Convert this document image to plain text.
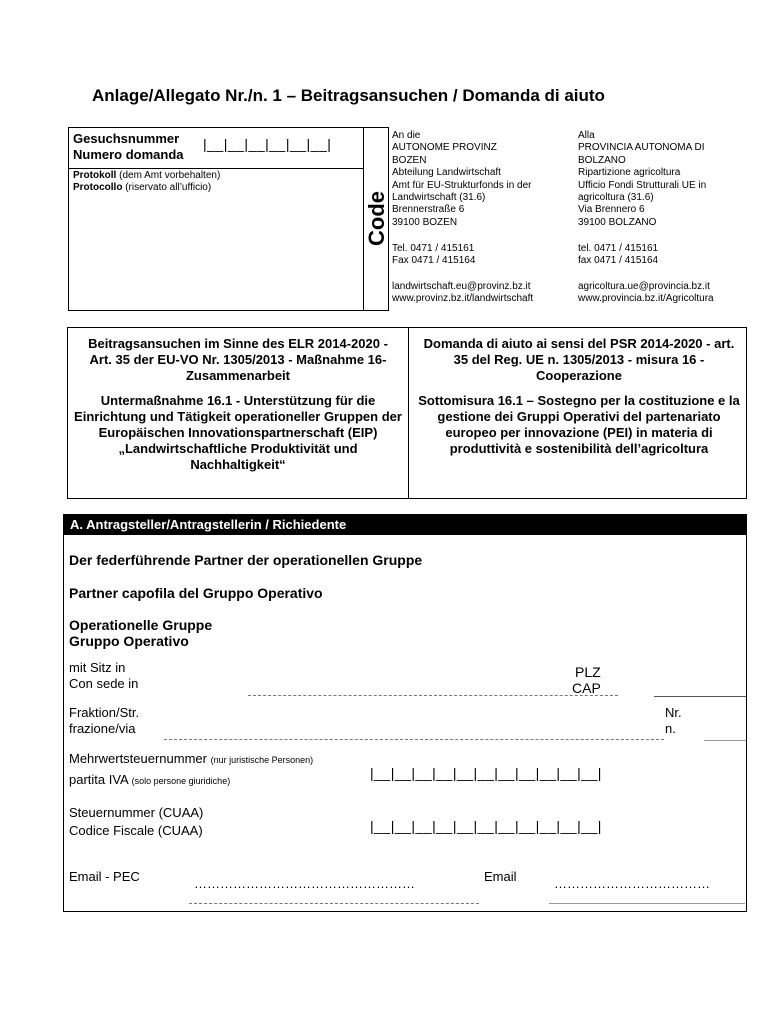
Anlage/Allegato Nr./n. 1 – Beitragsansuchen / Domanda di aiuto
Gesuchsnummer
Numero domanda
|__|__|__|__|__|__|
Protokoll (dem Amt vorbehalten)
Protocollo (riservato all’ufficio)
Code
An die
AUTONOME PROVINZ
BOZEN
Abteilung Landwirtschaft
Amt für EU-Strukturfonds in der
Landwirtschaft (31.6)
Brennerstraße 6
39100 BOZEN
Tel. 0471 / 415161
Fax 0471 / 415164
landwirtschaft.eu@provinz.bz.it
www.provinz.bz.it/landwirtschaft
Alla
PROVINCIA AUTONOMA DI
BOLZANO
Ripartizione agricoltura
Ufficio Fondi Strutturali UE in
agricoltura (31.6)
Via Brennero 6
39100 BOLZANO
tel. 0471 / 415161
fax 0471 / 415164
agricoltura.ue@provincia.bz.it
www.provincia.bz.it/Agricoltura
Beitragsansuchen im Sinne des ELR 2014-2020 - Art. 35 der EU-VO Nr. 1305/2013 - Maßnahme 16- Zusammenarbeit
Untermaßnahme 16.1 - Unterstützung für die Einrichtung und Tätigkeit operationeller Gruppen der Europäischen Innovationspartnerschaft (EIP) „Landwirtschaftliche Produktivität und Nachhaltigkeit“
Domanda di aiuto ai sensi del PSR 2014-2020 - art. 35 del Reg. UE n. 1305/2013 - misura 16 - Cooperazione
Sottomisura 16.1 – Sostegno per la costituzione e la gestione dei Gruppi Operativi del partenariato europeo per innovazione (PEI) in materia di produttività e sostenibilità dell’agricoltura
A. Antragsteller/Antragstellerin / Richiedente
Der federführende Partner der operationellen Gruppe
Partner capofila del Gruppo Operativo
Operationelle Gruppe
Gruppo Operativo
mit Sitz in
Con sede in
PLZ
CAP
Fraktion/Str.
frazione/via
Nr.
n.
Mehrwertsteuernummer (nur juristische Personen)
partita IVA (solo persone giuridiche)	|__|__|__|__|__|__|__|__|__|__|__|
Steuernummer (CUAA)
Codice Fiscale (CUAA)	|__|__|__|__|__|__|__|__|__|__|__|
Email - PEC	……………………………………………	Email	………………………………
